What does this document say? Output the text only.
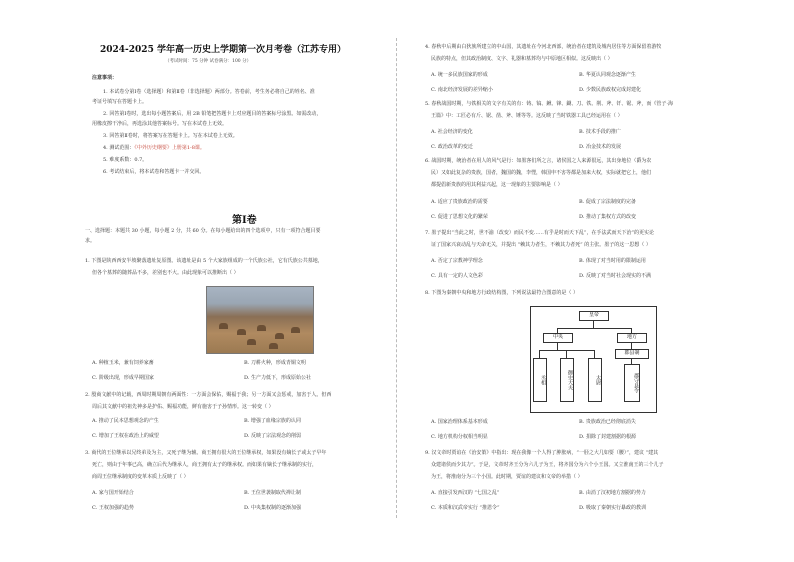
2024-2025 学年高一历史上学期第一次月考卷（江苏专用）
（考试时间：75 分钟 试卷满分：100 分）
注意事项：
1. 本试卷分第Ⅰ卷（选择题）和第Ⅱ卷（非选择题）两部分。答卷前，考生务必将自己的姓名、准
考证号填写在答题卡上。
2. 回答第Ⅰ卷时，选出每小题答案后，用 2B 铅笔把答题卡上对应题目的答案标号涂黑。如需改动，
用橡皮擦干净后，再选涂其他答案标号。写在本试卷上无效。
3. 回答第Ⅱ卷时，将答案写在答题卡上。写在本试卷上无效。
4. 测试范围：《中外历史纲要》上册第1-8课。
5. 难度系数：0.7。
6. 考试结束后，将本试卷和答题卡一并交回。
第Ⅰ卷
一、选择题：本题共 30 小题，每小题 2 分，共 60 分。在每小题给出的四个选项中，只有一项符合题目要
求。
1. 下图是陕西西安半坡聚落遗址复原图。该遗址是由 5 个大家族组成的一个氏族公社，它有氏族公共墓地，
但各个墓葬的随葬品不多，差别也不大。由此现象可以推断出（ ）
A. 种植玉米，兼有饲养家畜	B. 刀耕火种，形成青铜文明
C. 阶级出现，形成早期国家	D. 生产力低下，形成原始公社
2. 殷商文献中的记载，西周时期周朝有两面性：一方面会保佑，赐福于我；另一方面又会惩戒，加害于人。但西
周后其文献中的祖先神多是护佑、赐福功能，鲜有施害于子孙情形。这一转变（ ）
A. 推动了民本思想观念的产生	B. 增强了血缘宗族的认同
C. 增加了王权在政治上的威望	D. 反映了宗法观念的削弱
3. 商代的王位继承以兄终弟及为主，父死子继为辅。商王拥有很大的王位继承权，如果没有嫡长子或太子早年
死亡，则由于年事已高，确立后代为继承人，商王拥有太子的继承权。而如果有嫡长子继承制的实行，
商周王位继承制度的变革本质上反映了（ ）
A. 家与国开始结合	B. 王位世袭制取代禅让制
C. 王权加强的趋势	D. 中央集权制的逐渐加强
4. 春秋中后期由白狄族所建立的中山国，其遗址在今河北西部，统治者在建筑及城内居住等方面保留着游牧
民族的特点，但其政治制度、文字、礼器和墓葬均与中原地区相似。这反映出（ ）
A. 统一多民族国家的形成	B. 华夏认同观念逐渐产生
C. 南北经济发展的差异缩小	D. 少数民族政权完成封建化
5. 春秋战国时期，与铁相关的文字有关的有：铸、镐、鍬、锋、鋤、刀、铁、削、斧、钎、锯、斧，而《管子·海
王篇》中：工匠必有斤、锯、凿、斧、锤等等。这反映了当时铁器工具已经运用在（ ）
A. 社会经济的变化	B. 技术手段的推广
C. 政治改革的变迁	D. 冶金技术的发展
6. 战国时期，统治者在用人的风气是行：如墨客们所之言，诸侯国之人来源很远，其出身地位（爵为农
民）又如此复杂的贵族，国者，魏国的魏，李悝，韩国申不害等都是加来大权，实际就把它上，他们
都提倡新贵族的用其利益兴起，这一现象的主要影响是（ ）
A. 适应了贵族政治的需要	B. 促成了宗法制度的完备
C. 促进了思想文化的繁荣	D. 推动了集权方式的改变
7. 墨子提出“当此之时，世不渝（改变）而民不变……有乎是时而天下乱”，在手法武而天下治”的更实论
证了国家兴衰动乱与天命无关，并提出 “赖其力者生，不赖其力者死” 的主张。墨子的这一思想（ ）
A. 否定了宗教神学理念	B. 体现了对当时用的限制运用
C. 具有一定的人文色彩	D. 反映了对当时社会现实的不满
8. 下图为秦朝中央和地方行政结构图，下列说法最符合图意的是（ ）
A. 国家治理体系基本形成	B. 贵族政治已经彻底消失
C. 地方机构分权相当明显	D. 捐除了封建割据的根源
9. 汉文帝时贾谊在《治安策》中指出：现在我像一个人得了肿胀病，“一胫之大几如要（腰）”，建议 “建其
众建诸侯而少其力”。于是，文帝时齐王分为六儿子为王，将齐国分为六个小王国。又立淮南王的三个儿子
为王，将淮南分为三个小国。此时期，贾谊的建议和文帝的举措（ ）
A. 直接引发西汉的 “七国之乱”	B. 由消了汉初地方割据的势力
C. 本质和汉武帝实行 “推恩令”	D. 吸取了秦朝实行暴政的教训
皇帝
中央	地方
丞相	御史大夫	太尉
郡县制
郡守县令
